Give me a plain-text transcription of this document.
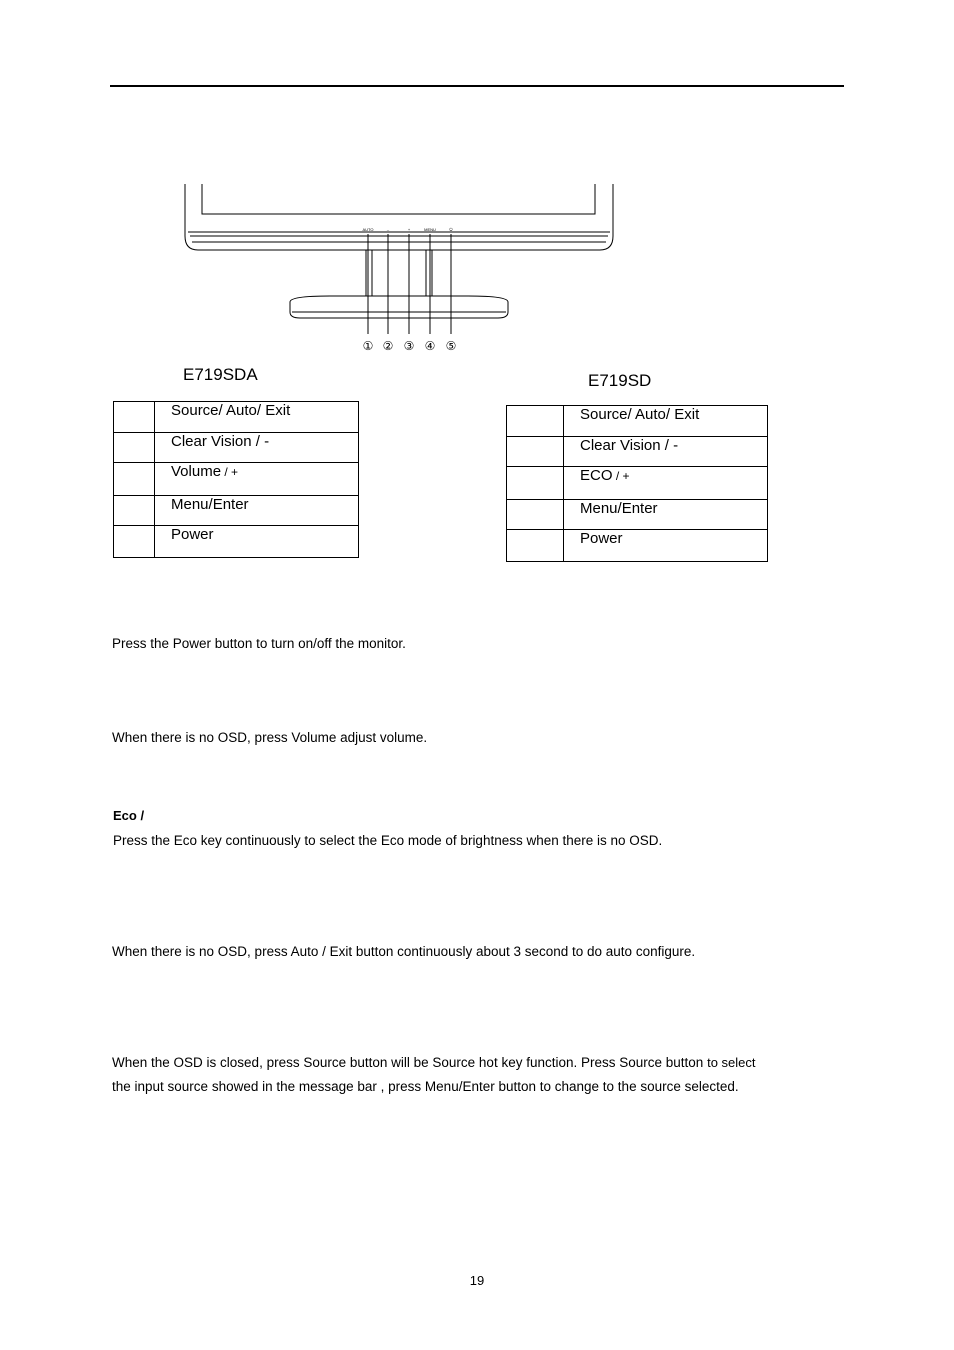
AUTO	–	+	MENU	⏻
① ② ③ ④ ⑤
E719SDA	E719SD
	Source/ Auto/ Exit
	Clear Vision / -
	Volume / +
	Menu/Enter
	Power
	Source/ Auto/ Exit
	Clear Vision / -
	ECO / +
	Menu/Enter
	Power
Press the Power button to turn on/off the monitor.
When there is no OSD, press Volume adjust volume.
Eco /
Press the Eco key continuously to select the Eco mode of brightness when there is no OSD.
When there is no OSD, press Auto / Exit button continuously about 3 second to do auto configure.
When the OSD is closed, press Source button will be Source hot key function. Press Source button to select
the input source showed in the message bar , press Menu/Enter button to change to the source selected.
19
